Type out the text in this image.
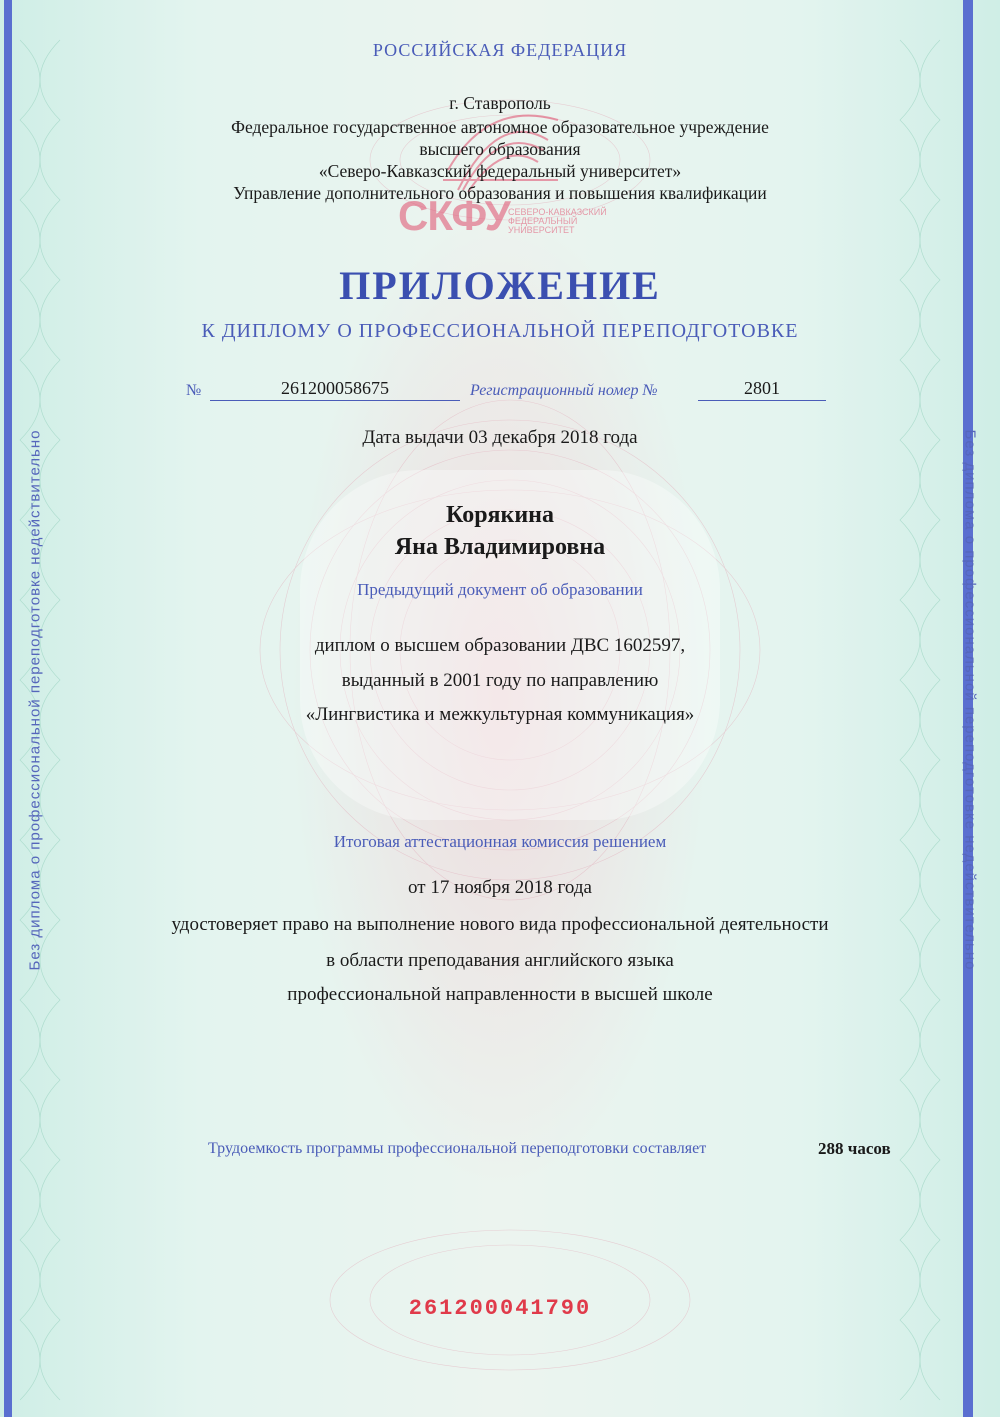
Без диплома о профессиональной переподготовке недействительно	Без диплома о профессиональной переподготовке недействительно
СКФУ
СЕВЕРО-КАВКАЗСКИЙ ФЕДЕРАЛЬНЫЙ УНИВЕРСИТЕТ
РОССИЙСКАЯ ФЕДЕРАЦИЯ
г. Ставрополь
Федеральное государственное автономное образовательное учреждение
высшего образования
«Северо-Кавказский федеральный университет»
Управление дополнительного образования и повышения квалификации
ПРИЛОЖЕНИЕ
К ДИПЛОМУ О ПРОФЕССИОНАЛЬНОЙ ПЕРЕПОДГОТОВКЕ
№	261200058675	Регистрационный номер №	2801
Дата выдачи 03 декабря 2018 года
Корякина
Яна Владимировна
Предыдущий документ об образовании
диплом о высшем образовании ДВС 1602597,
выданный в 2001 году по направлению
«Лингвистика и межкультурная коммуникация»
Итоговая аттестационная комиссия решением
от 17 ноября 2018 года
удостоверяет право на выполнение нового вида профессиональной деятельности
в области преподавания английского языка
профессиональной направленности в высшей школе
Трудоемкость программы профессиональной переподготовки составляет	288 часов
261200041790
